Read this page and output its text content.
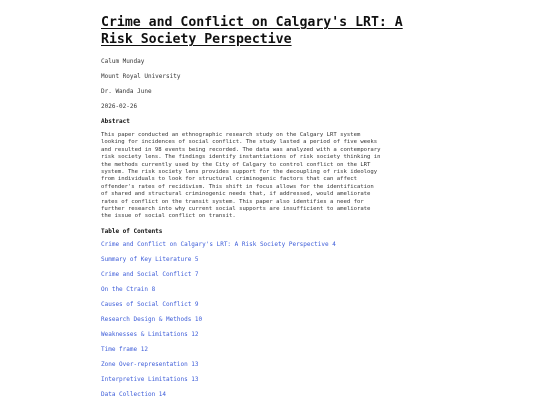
Crime and Conflict on Calgary's LRT: A
Risk Society Perspective

Calum Munday

Mount Royal University

Dr. Wanda June

2026-02-26

Abstract

This paper conducted an ethnographic research study on the Calgary LRT system
looking for incidences of social conflict. The study lasted a period of five weeks
and resulted in 98 events being recorded. The data was analyzed with a contemporary
risk society lens. The findings identify instantiations of risk society thinking in
the methods currently used by the City of Calgary to control conflict on the LRT
system. The risk society lens provides support for the decoupling of risk ideology
from individuals to look for structural criminogenic factors that can affect
offender's rates of recidivism. This shift in focus allows for the identification
of shared and structural criminogenic needs that, if addressed, would ameliorate
rates of conflict on the transit system. This paper also identifies a need for
further research into why current social supports are insufficient to ameliorate
the issue of social conflict on transit.

Table of Contents
Crime and Conflict on Calgary's LRT: A Risk Society Perspective 4
Summary of Key Literature 5
Crime and Social Conflict 7
On the Ctrain 8
Causes of Social Conflict 9
Research Design & Methods 10
Weaknesses & Limitations 12
Time frame 12
Zone Over-representation 13
Interpretive Limitations 13
Data Collection 14
